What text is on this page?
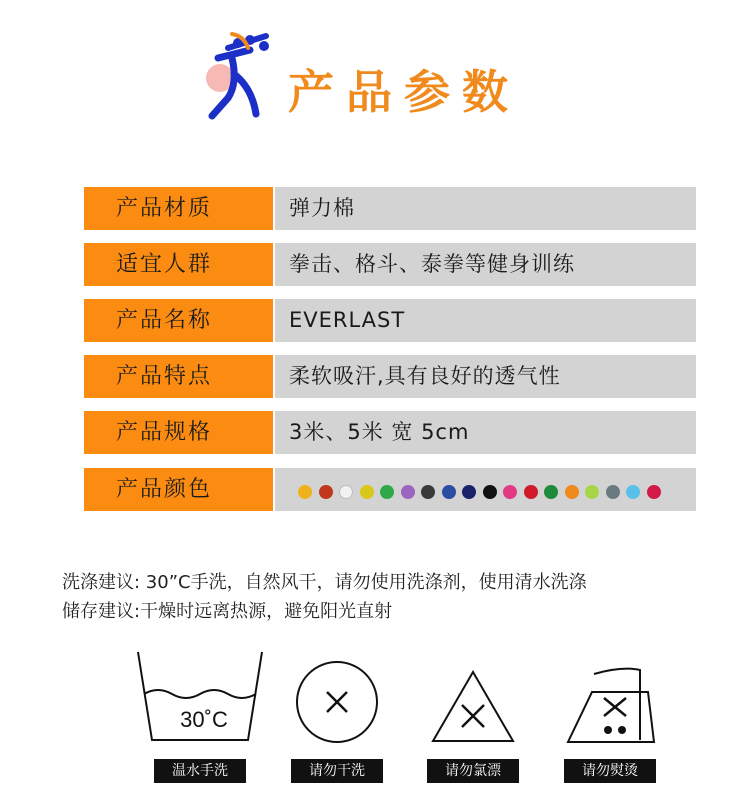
产品参数
产品材质	弹力棉
适宜人群	拳击、格斗、泰拳等健身训练
产品名称	EVERLAST
产品特点	柔软吸汗,具有良好的透气性
产品规格	3米、5米 宽 5cm
产品颜色
洗涤建议: 30”C手洗，自然风干，请勿使用洗涤剂，使用清水洗涤
储存建议:干燥时远离热源，避免阳光直射
30˚C
温水手洗	请勿干洗	请勿氯漂	请勿熨烫
